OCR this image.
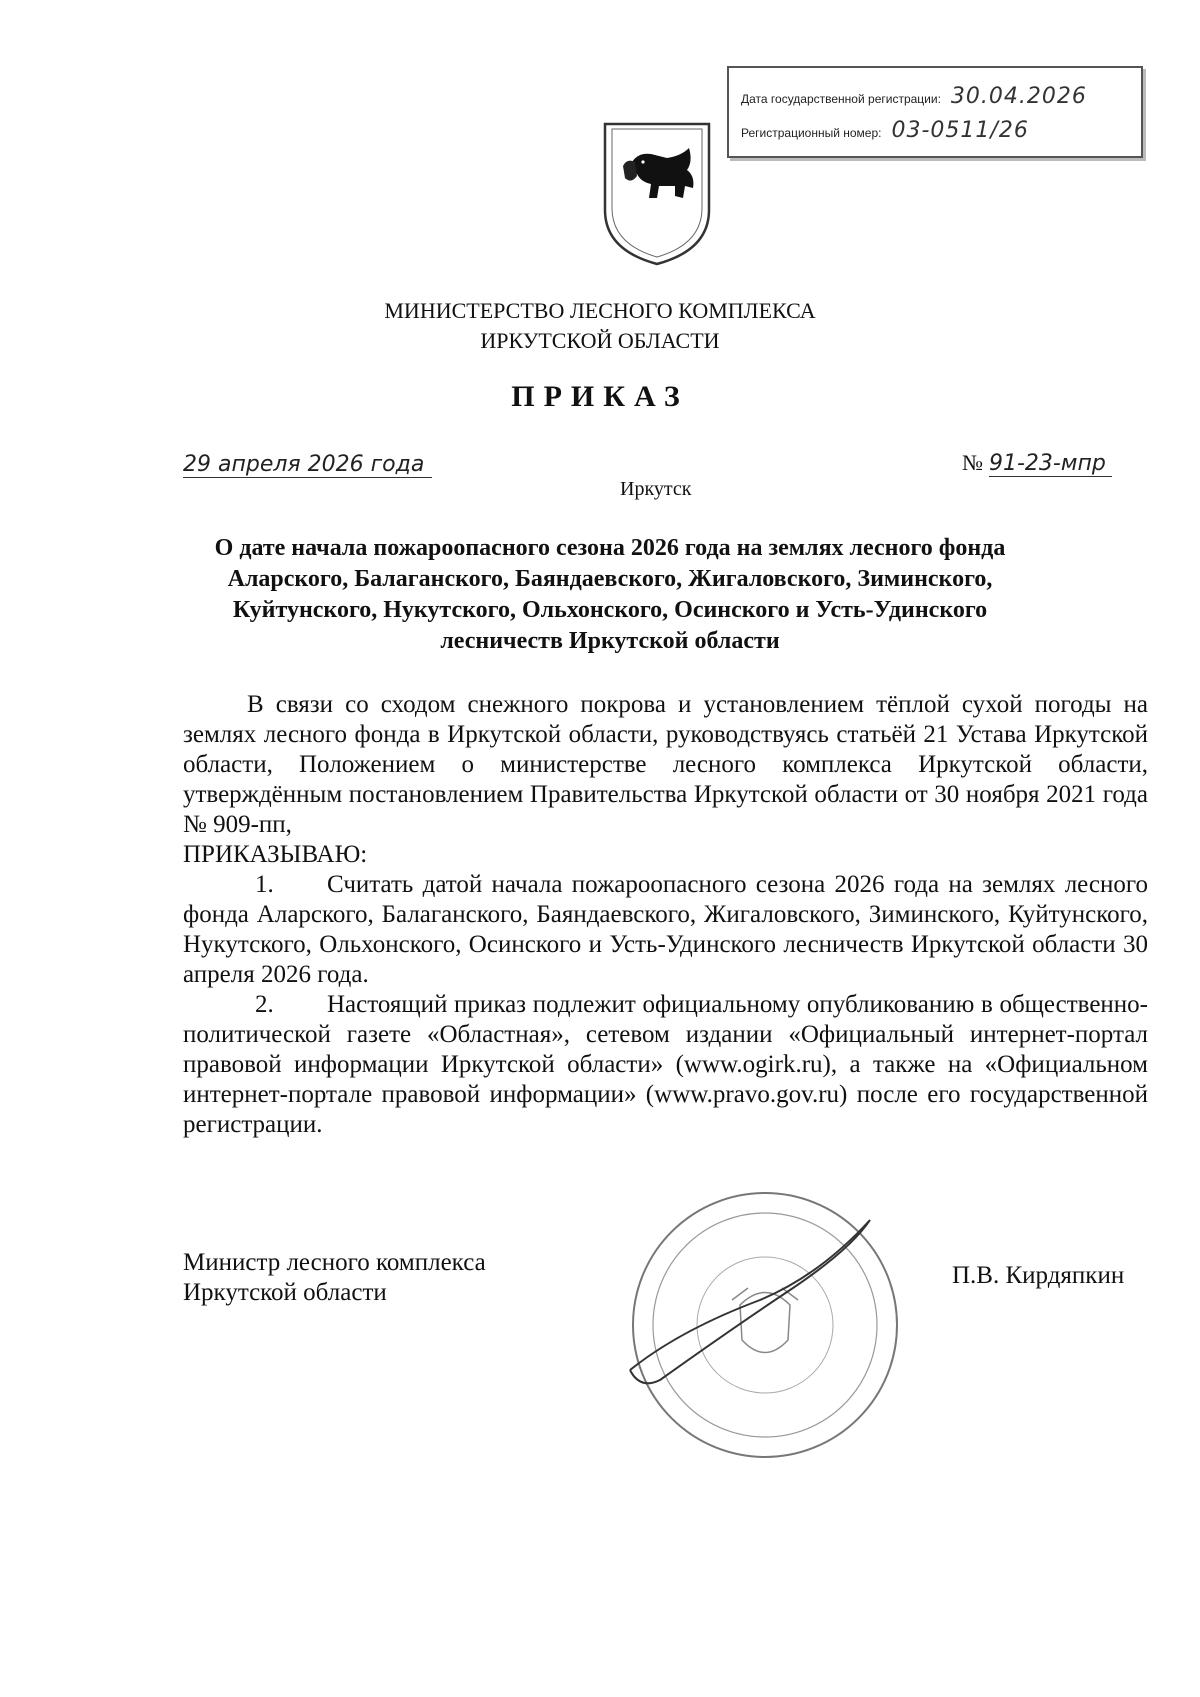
Дата государственной регистрации: 30.04.2026
Регистрационный номер: 03-0511/26
МИНИСТЕРСТВО ЛЕСНОГО КОМПЛЕКСА
ИРКУТСКОЙ ОБЛАСТИ
ПРИКАЗ
29 апреля 2026 года
Иркутск
№ 91-23-мпр
О дате начала пожароопасного сезона 2026 года на землях лесного фонда
Аларского, Балаганского, Баяндаевского, Жигаловского, Зиминского,
Куйтунского, Нукутского, Ольхонского, Осинского и Усть-Удинского
лесничеств Иркутской области

В связи со сходом снежного покрова и установлением тёплой сухой погоды на землях лесного фонда в Иркутской области, руководствуясь статьёй 21 Устава Иркутской области, Положением о министерстве лесного комплекса Иркутской области, утверждённым постановлением Правительства Иркутской области от 30 ноября 2021 года № 909-пп,

ПРИКАЗЫВАЮ:

1. Считать датой начала пожароопасного сезона 2026 года на землях лесного фонда Аларского, Балаганского, Баяндаевского, Жигаловского, Зиминского, Куйтунского, Нукутского, Ольхонского, Осинского и Усть-Удинского лесничеств Иркутской области 30 апреля 2026 года.

2. Настоящий приказ подлежит официальному опубликованию в общественно-политической газете «Областная», сетевом издании «Официальный интернет-портал правовой информации Иркутской области» (www.ogirk.ru), а также на «Официальном интернет-портале правовой информации» (www.pravo.gov.ru) после его государственной регистрации.

Министр лесного комплекса
Иркутской области
П.В. Кирдяпкин
